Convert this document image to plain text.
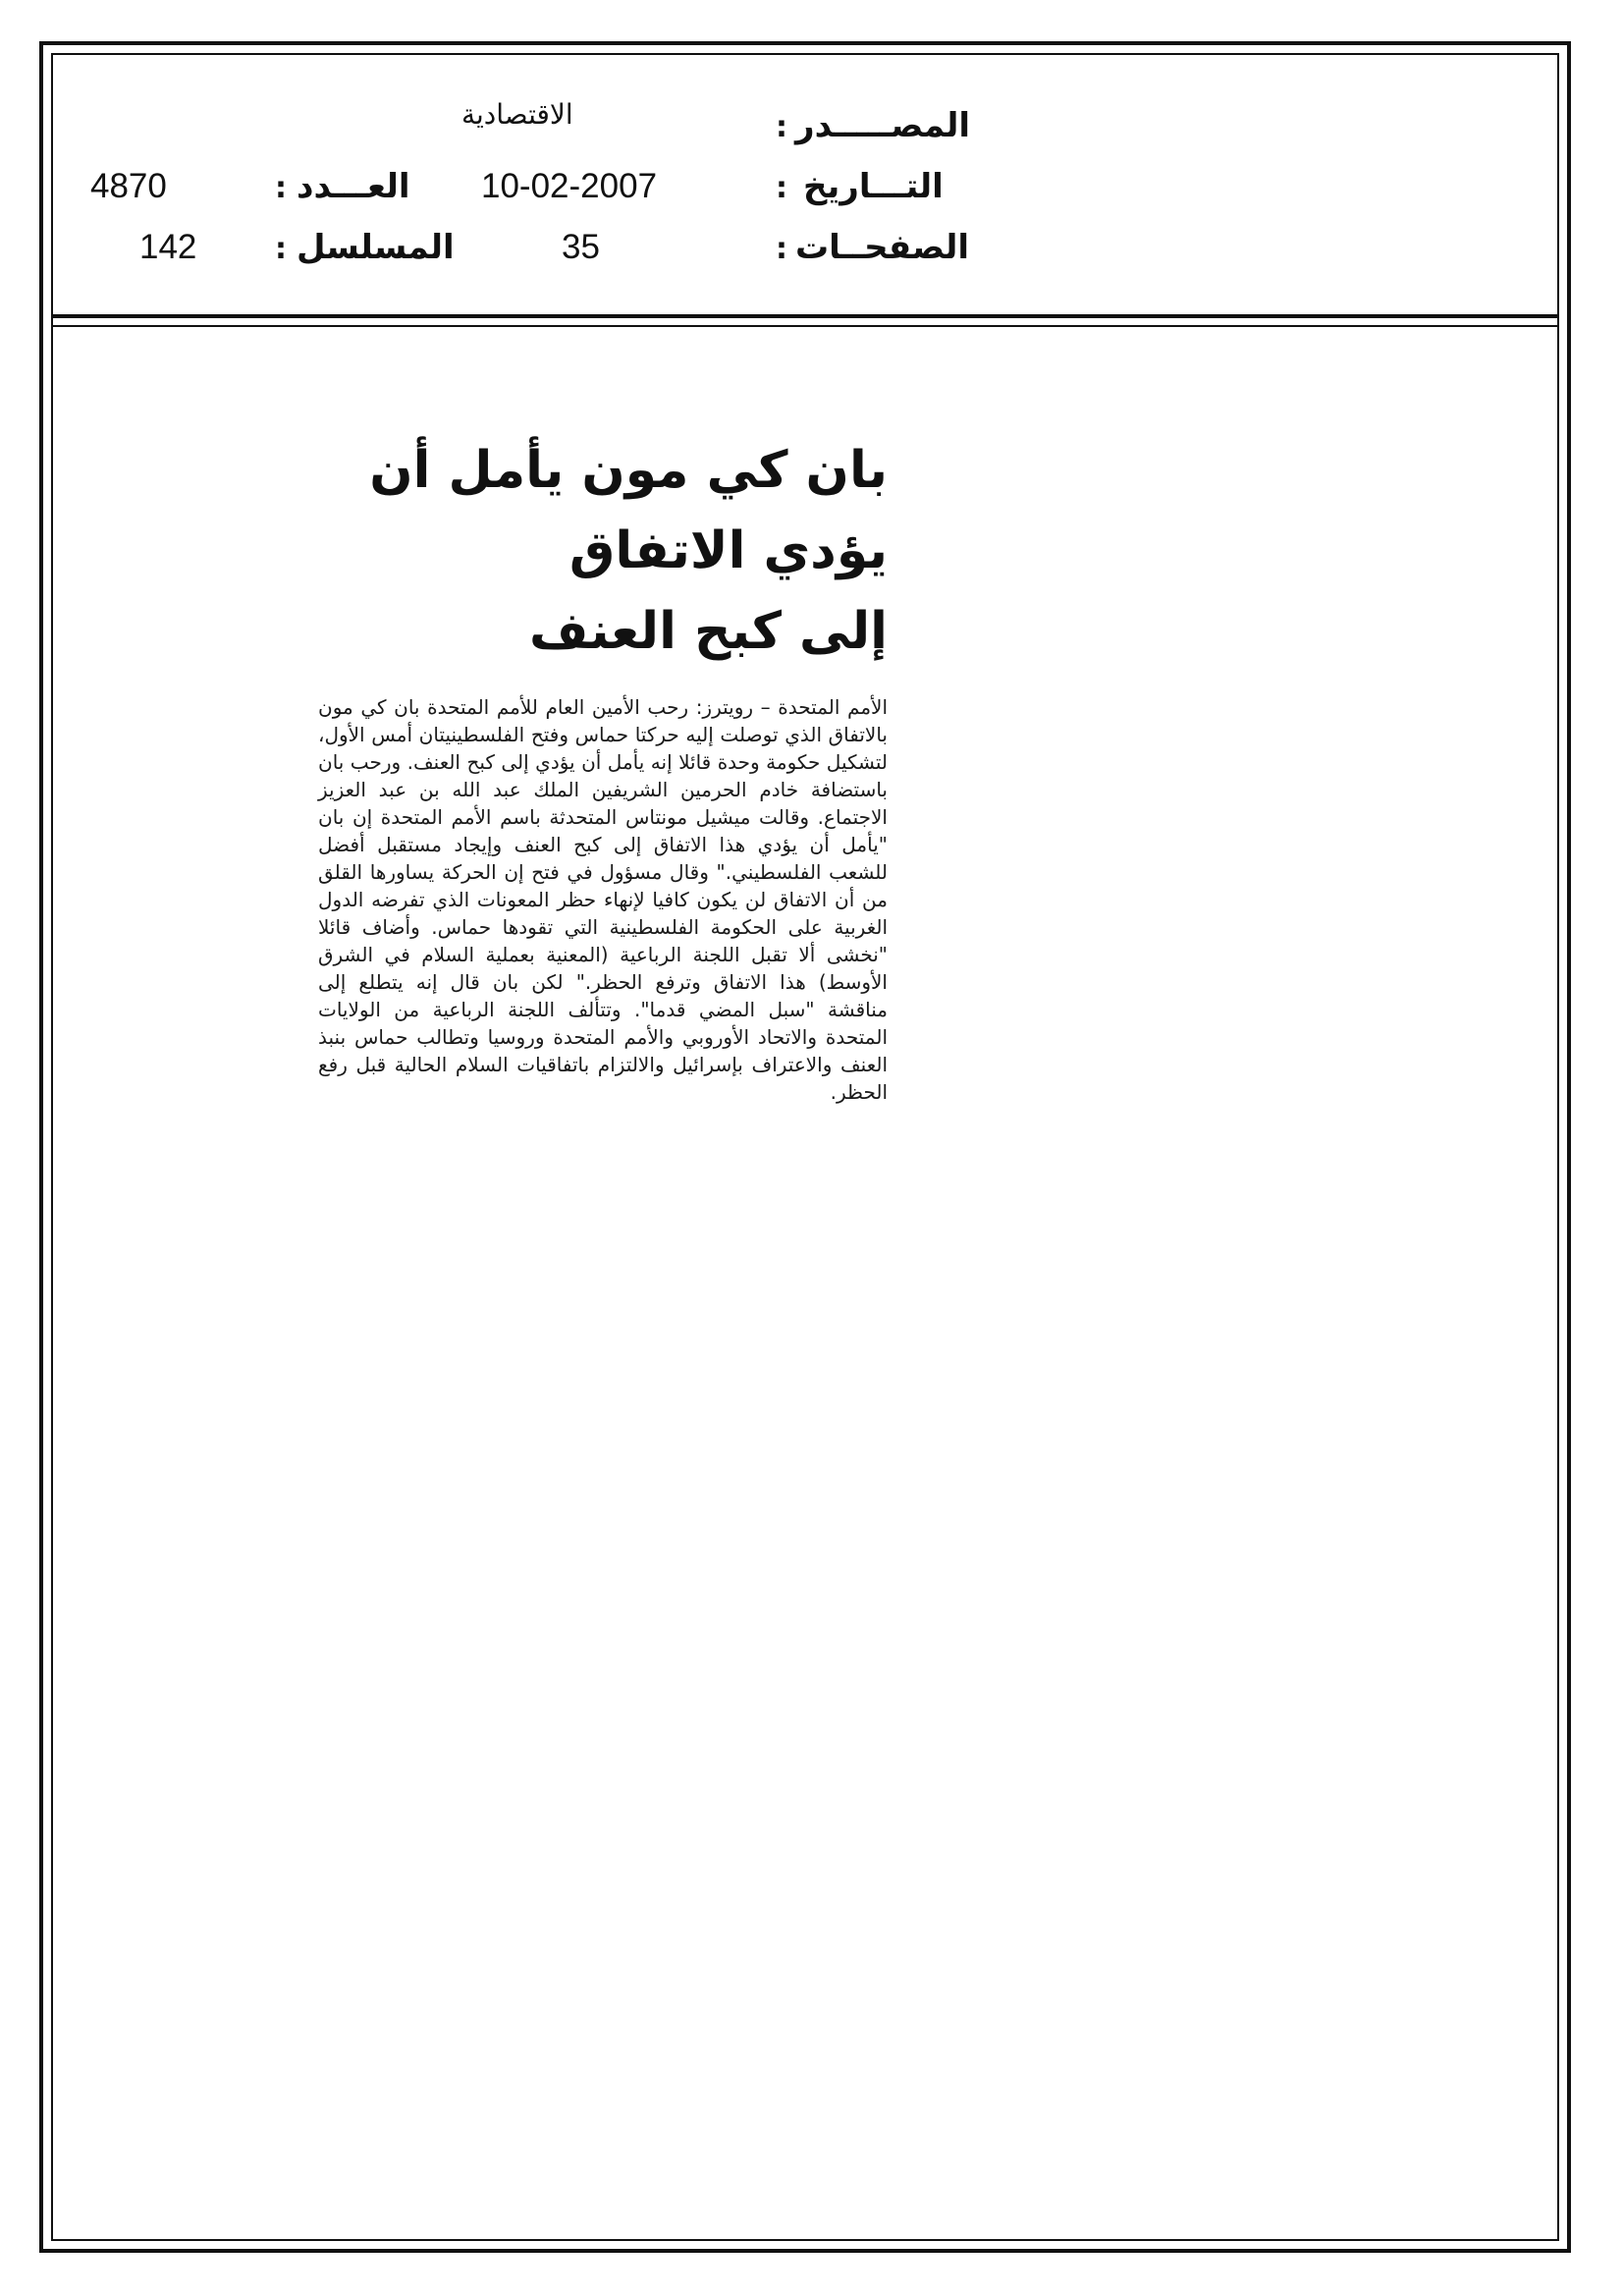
المصـــــدر
:
الاقتصادية
التـــاريخ
:
10-02-2007
العـــدد
:
4870
الصفحــات
:
35
المسلسل
:
142
بان كي مون يأمل أن يؤدي الاتفاق
إلى كبح العنف

الأمم المتحدة – رويترز: رحب الأمين العام للأمم المتحدة بان كي مون بالاتفاق الذي توصلت إليه حركتا حماس وفتح الفلسطينيتان أمس الأول، لتشكيل حكومة وحدة قائلا إنه يأمل أن يؤدي إلى كبح العنف. ورحب بان باستضافة خادم الحرمين الشريفين الملك عبد الله بن عبد العزيز الاجتماع. وقالت ميشيل مونتاس المتحدثة باسم الأمم المتحدة إن بان "يأمل أن يؤدي هذا الاتفاق إلى كبح العنف وإيجاد مستقبل أفضل للشعب الفلسطيني." وقال مسؤول في فتح إن الحركة يساورها القلق من أن الاتفاق لن يكون كافيا لإنهاء حظر المعونات الذي تفرضه الدول الغربية على الحكومة الفلسطينية التي تقودها حماس. وأضاف قائلا "نخشى ألا تقبل اللجنة الرباعية (المعنية بعملية السلام في الشرق الأوسط) هذا الاتفاق وترفع الحظر." لكن بان قال إنه يتطلع إلى مناقشة "سبل المضي قدما". وتتألف اللجنة الرباعية من الولايات المتحدة والاتحاد الأوروبي والأمم المتحدة وروسيا وتطالب حماس بنبذ العنف والاعتراف بإسرائيل والالتزام باتفاقيات السلام الحالية قبل رفع الحظر.
